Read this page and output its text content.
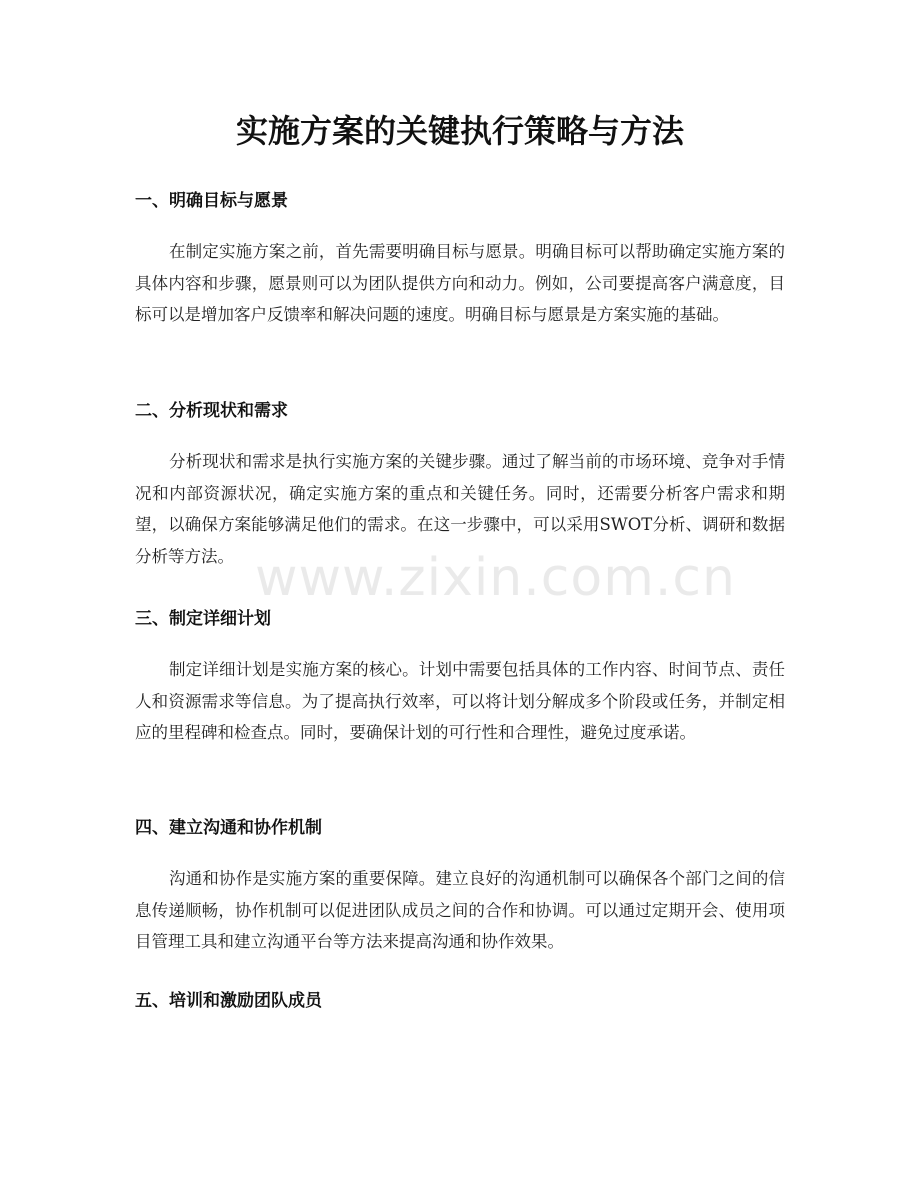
实施方案的关键执行策略与方法
一、明确目标与愿景

在制定实施方案之前，首先需要明确目标与愿景。明确目标可以帮助确定实施方案的具体内容和步骤，愿景则可以为团队提供方向和动力。例如，公司要提高客户满意度，目标可以是增加客户反馈率和解决问题的速度。明确目标与愿景是方案实施的基础。

二、分析现状和需求

分析现状和需求是执行实施方案的关键步骤。通过了解当前的市场环境、竞争对手情况和内部资源状况，确定实施方案的重点和关键任务。同时，还需要分析客户需求和期望，以确保方案能够满足他们的需求。在这一步骤中，可以采用SWOT分析、调研和数据分析等方法。

三、制定详细计划

制定详细计划是实施方案的核心。计划中需要包括具体的工作内容、时间节点、责任人和资源需求等信息。为了提高执行效率，可以将计划分解成多个阶段或任务，并制定相应的里程碑和检查点。同时，要确保计划的可行性和合理性，避免过度承诺。

四、建立沟通和协作机制

沟通和协作是实施方案的重要保障。建立良好的沟通机制可以确保各个部门之间的信息传递顺畅，协作机制可以促进团队成员之间的合作和协调。可以通过定期开会、使用项目管理工具和建立沟通平台等方法来提高沟通和协作效果。

五、培训和激励团队成员
www.zixin.com.cn
